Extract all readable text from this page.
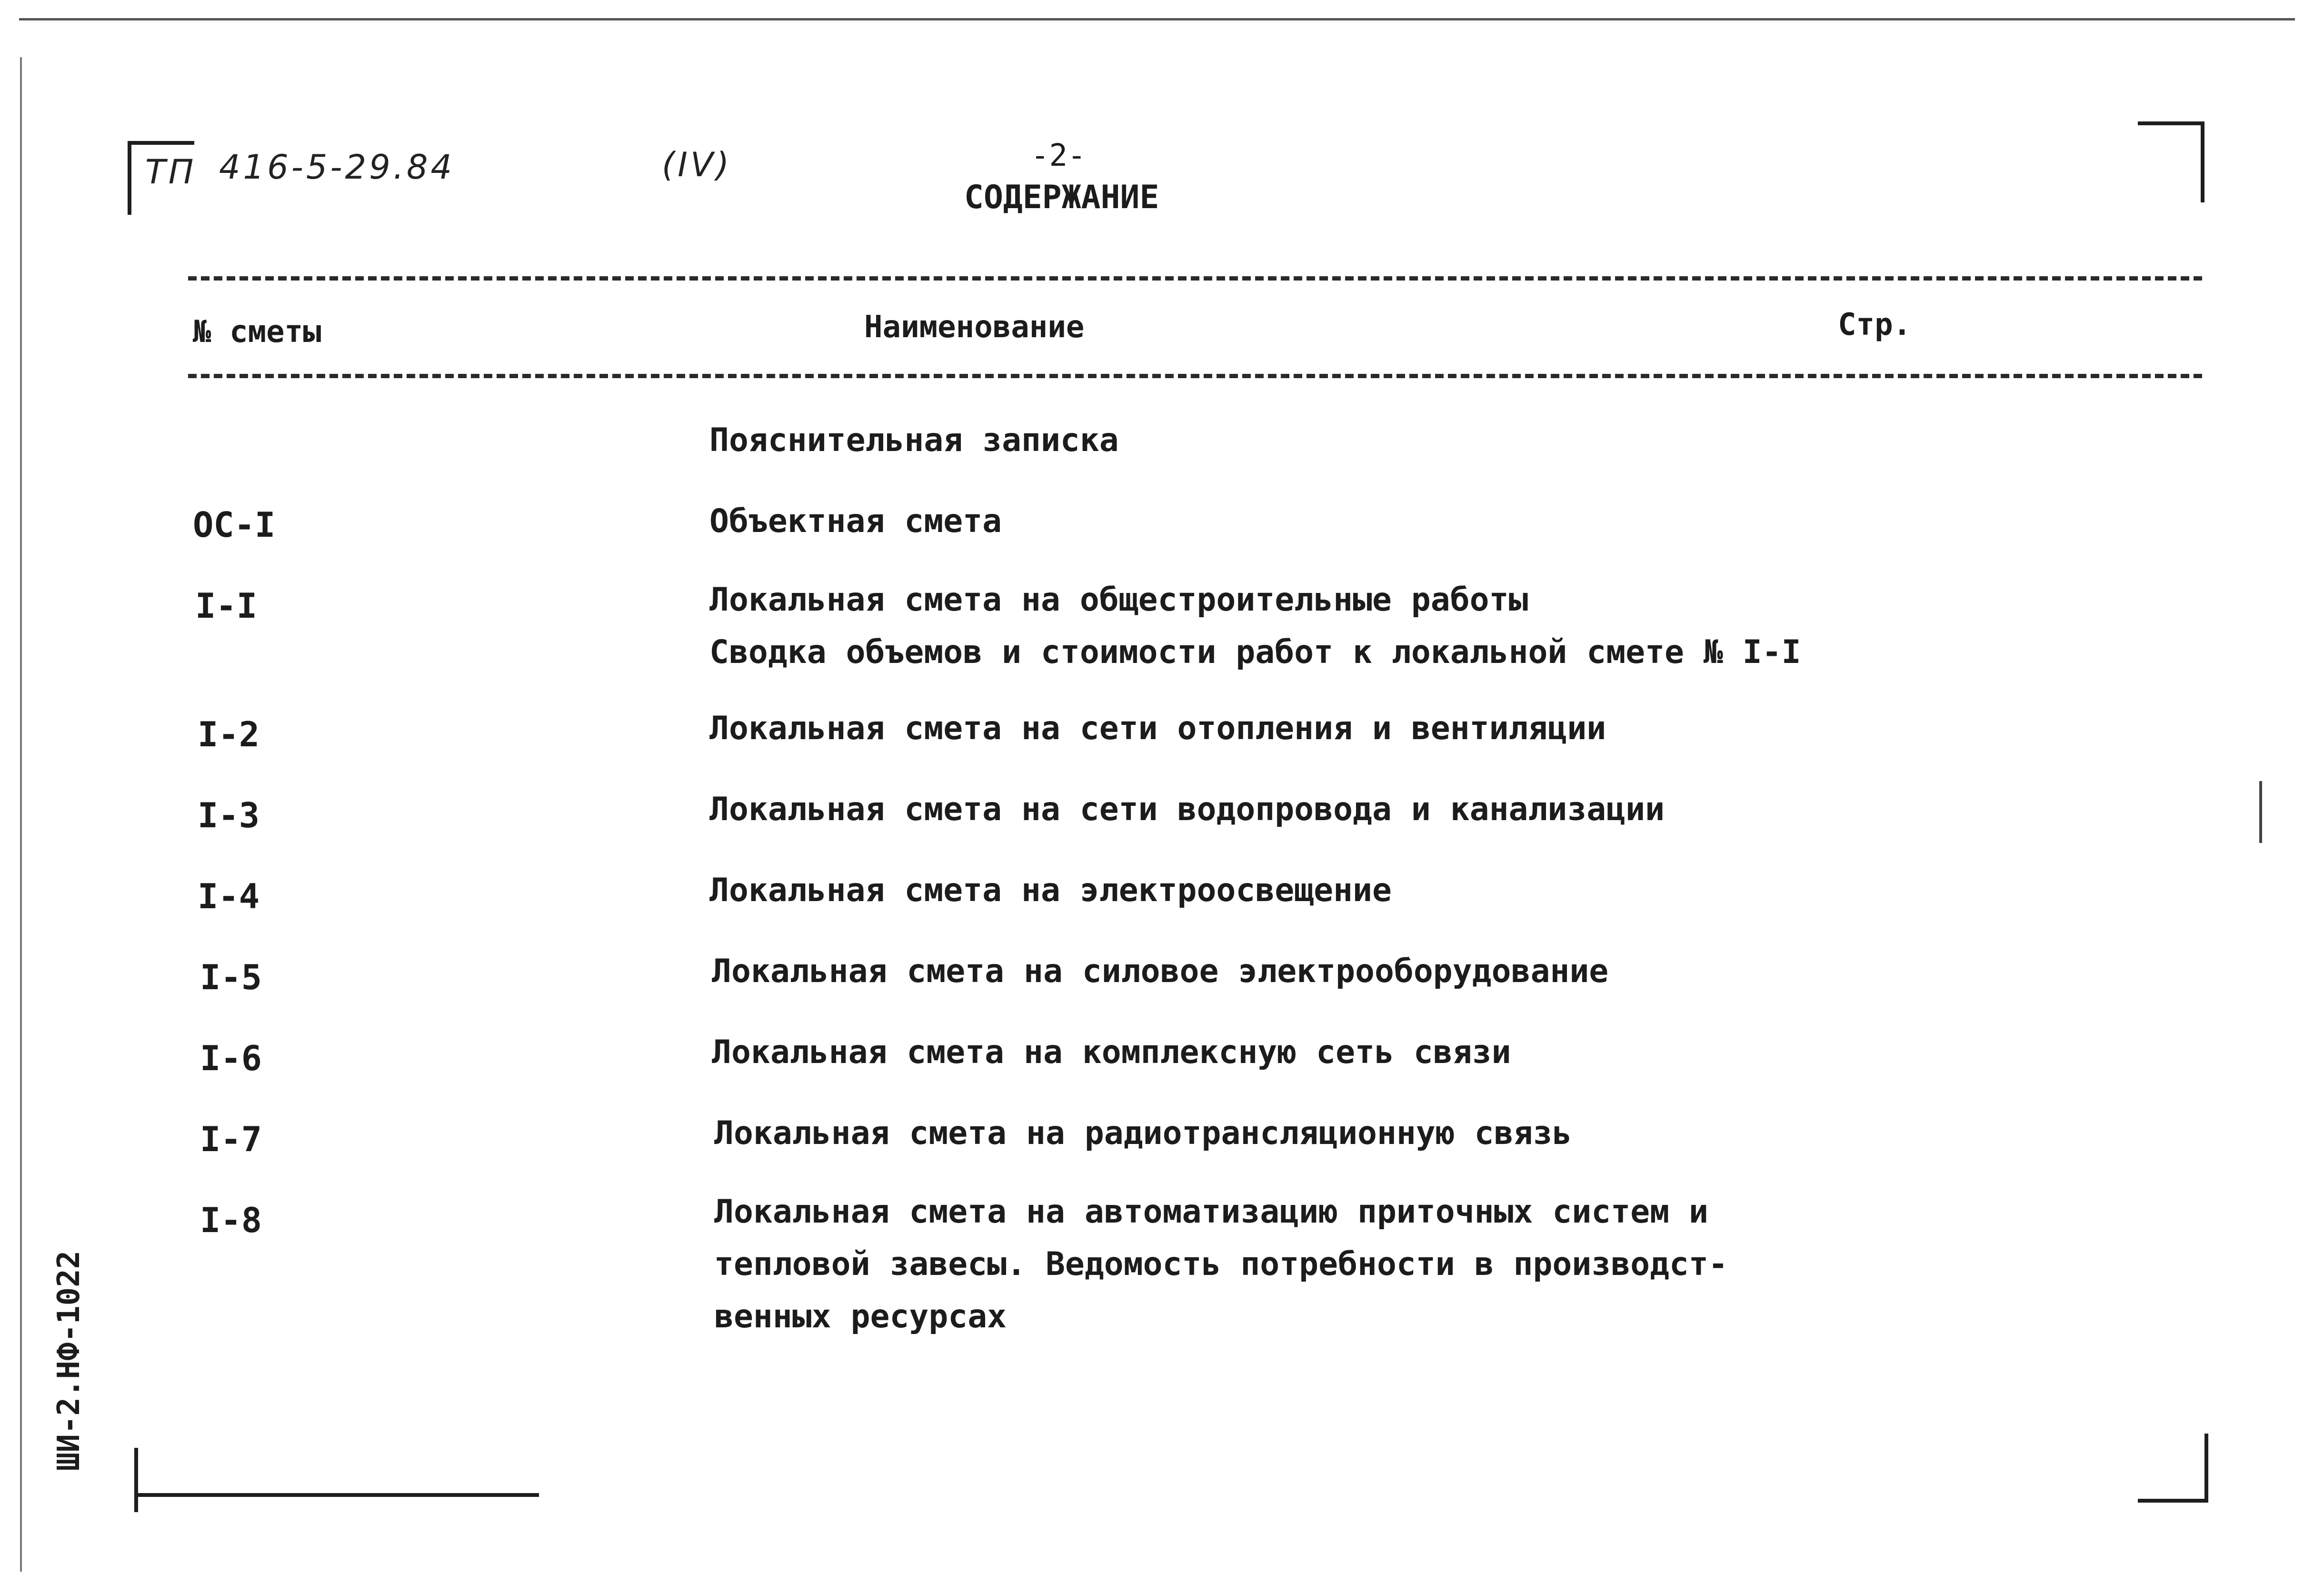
ТП 416-5-29.84	(IV)	-2-
СОДЕРЖАНИЕ
№ сметы	Наименование	Стр.
Пояснительная записка
ОС-I	Объектная смета
I-I	Локальная смета на общестроительные работы
Сводка объемов и стоимости работ к локальной смете № I-I
I-2	Локальная смета на сети отопления и вентиляции
I-3	Локальная смета на сети водопровода и канализации
I-4	Локальная смета на электроосвещение
I-5	Локальная смета на силовое электрооборудование
I-6	Локальная смета на комплексную сеть связи
I-7	Локальная смета на радиотрансляционную связь
I-8	Локальная смета на автоматизацию приточных систем и
тепловой завесы. Ведомость потребности в производст-
венных ресурсах
ШИ-2.НФ-1022
